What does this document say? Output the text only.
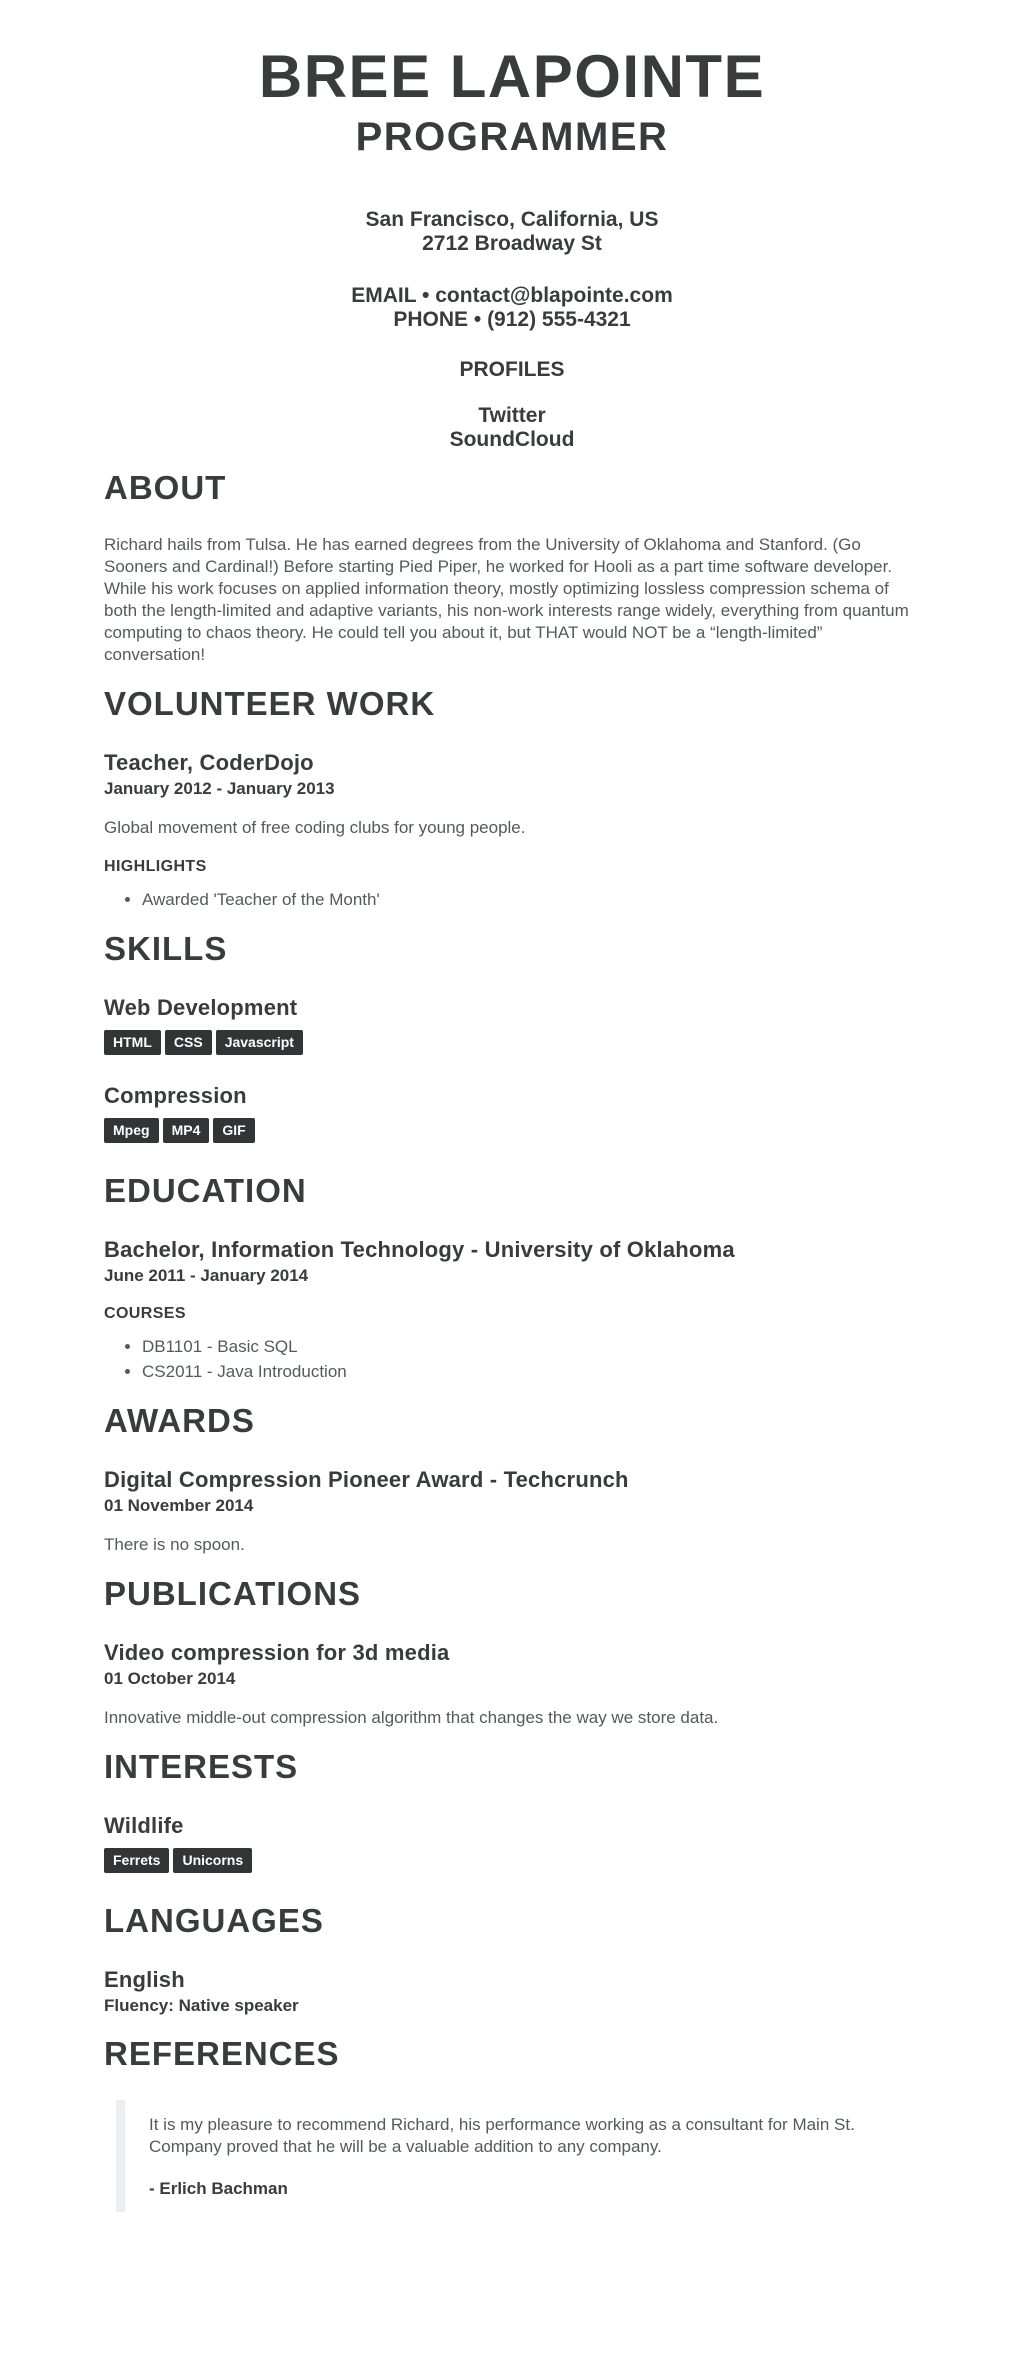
BREE LAPOINTE
PROGRAMMER

San Francisco, California, US
2712 Broadway St

EMAIL • contact@blapointe.com
PHONE • (912) 555-4321

PROFILES

Twitter
SoundCloud

ABOUT

Richard hails from Tulsa. He has earned degrees from the University of Oklahoma and Stanford. (Go Sooners and Cardinal!) Before starting Pied Piper, he worked for Hooli as a part time software developer. While his work focuses on applied information theory, mostly optimizing lossless compression schema of both the length-limited and adaptive variants, his non-work interests range widely, everything from quantum computing to chaos theory. He could tell you about it, but THAT would NOT be a “length-limited” conversation!

VOLUNTEER WORK
Teacher, CoderDojo
January 2012 - January 2013

Global movement of free coding clubs for young people.

HIGHLIGHTS
• Awarded 'Teacher of the Month'
SKILLS
Web Development
HTML CSS Javascript
Compression
Mpeg MP4 GIF
EDUCATION
Bachelor, Information Technology - University of Oklahoma
June 2011 - January 2014
COURSES
• DB1101 - Basic SQL
• CS2011 - Java Introduction
AWARDS
Digital Compression Pioneer Award - Techcrunch
01 November 2014

There is no spoon.

PUBLICATIONS
Video compression for 3d media
01 October 2014

Innovative middle-out compression algorithm that changes the way we store data.

INTERESTS
Wildlife
Ferrets Unicorns
LANGUAGES
English
Fluency: Native speaker
REFERENCES

It is my pleasure to recommend Richard, his performance working as a consultant for Main St. Company proved that he will be a valuable addition to any company.

- Erlich Bachman
